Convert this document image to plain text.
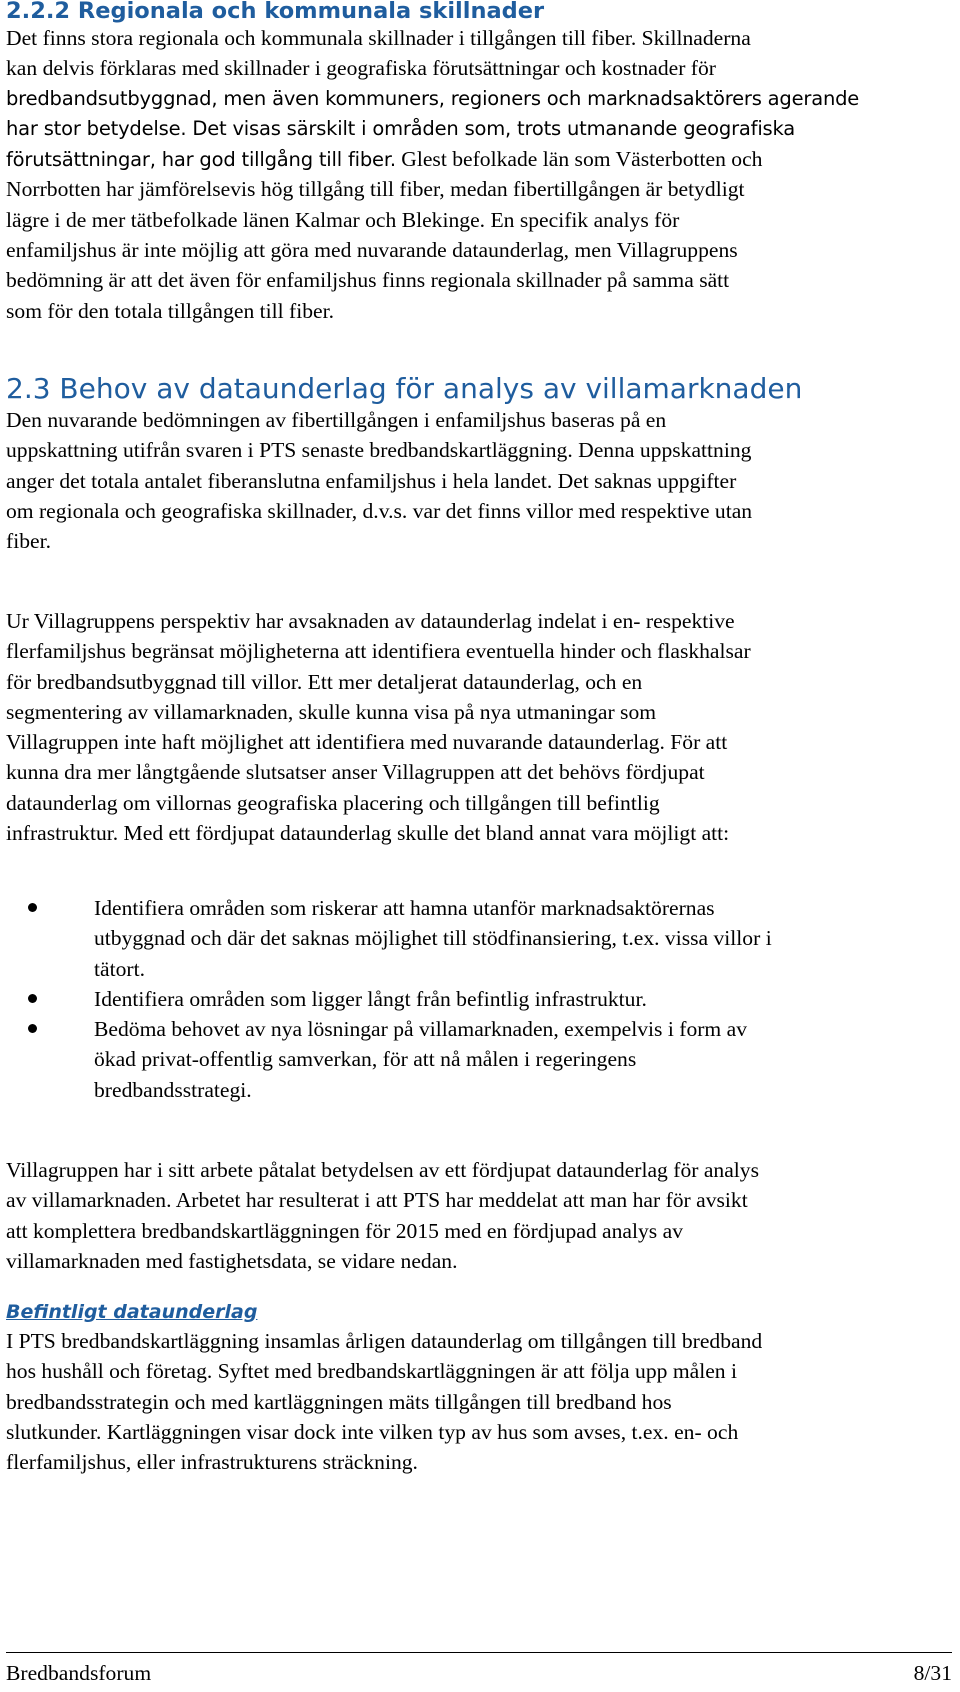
2.2.2 Regionala och kommunala skillnader
Det finns stora regionala och kommunala skillnader i tillgången till fiber. Skillnaderna
kan delvis förklaras med skillnader i geografiska förutsättningar och kostnader för
bredbandsutbyggnad, men även kommuners, regioners och marknadsaktörers agerande
har stor betydelse. Det visas särskilt i områden som, trots utmanande geografiska
förutsättningar, har god tillgång till fiber. Glest befolkade län som Västerbotten och
Norrbotten har jämförelsevis hög tillgång till fiber, medan fibertillgången är betydligt
lägre i de mer tätbefolkade länen Kalmar och Blekinge. En specifik analys för
enfamiljshus är inte möjlig att göra med nuvarande dataunderlag, men Villagruppens
bedömning är att det även för enfamiljshus finns regionala skillnader på samma sätt
som för den totala tillgången till fiber.
2.3 Behov av dataunderlag för analys av villamarknaden
Den nuvarande bedömningen av fibertillgången i enfamiljshus baseras på en
uppskattning utifrån svaren i PTS senaste bredbandskartläggning. Denna uppskattning
anger det totala antalet fiberanslutna enfamiljshus i hela landet. Det saknas uppgifter
om regionala och geografiska skillnader, d.v.s. var det finns villor med respektive utan
fiber.
Ur Villagruppens perspektiv har avsaknaden av dataunderlag indelat i en- respektive
flerfamiljshus begränsat möjligheterna att identifiera eventuella hinder och flaskhalsar
för bredbandsutbyggnad till villor. Ett mer detaljerat dataunderlag, och en
segmentering av villamarknaden, skulle kunna visa på nya utmaningar som
Villagruppen inte haft möjlighet att identifiera med nuvarande dataunderlag. För att
kunna dra mer långtgående slutsatser anser Villagruppen att det behövs fördjupat
dataunderlag om villornas geografiska placering och tillgången till befintlig
infrastruktur. Med ett fördjupat dataunderlag skulle det bland annat vara möjligt att:
Identifiera områden som riskerar att hamna utanför marknadsaktörernas
utbyggnad och där det saknas möjlighet till stödfinansiering, t.ex. vissa villor i
tätort.
Identifiera områden som ligger långt från befintlig infrastruktur.
Bedöma behovet av nya lösningar på villamarknaden, exempelvis i form av
ökad privat-offentlig samverkan, för att nå målen i regeringens
bredbandsstrategi.
Villagruppen har i sitt arbete påtalat betydelsen av ett fördjupat dataunderlag för analys
av villamarknaden. Arbetet har resulterat i att PTS har meddelat att man har för avsikt
att komplettera bredbandskartläggningen för 2015 med en fördjupad analys av
villamarknaden med fastighetsdata, se vidare nedan.
Befintligt dataunderlag
I PTS bredbandskartläggning insamlas årligen dataunderlag om tillgången till bredband
hos hushåll och företag. Syftet med bredbandskartläggningen är att följa upp målen i
bredbandsstrategin och med kartläggningen mäts tillgången till bredband hos
slutkunder. Kartläggningen visar dock inte vilken typ av hus som avses, t.ex. en- och
flerfamiljshus, eller infrastrukturens sträckning.
Bredbandsforum	8/31
